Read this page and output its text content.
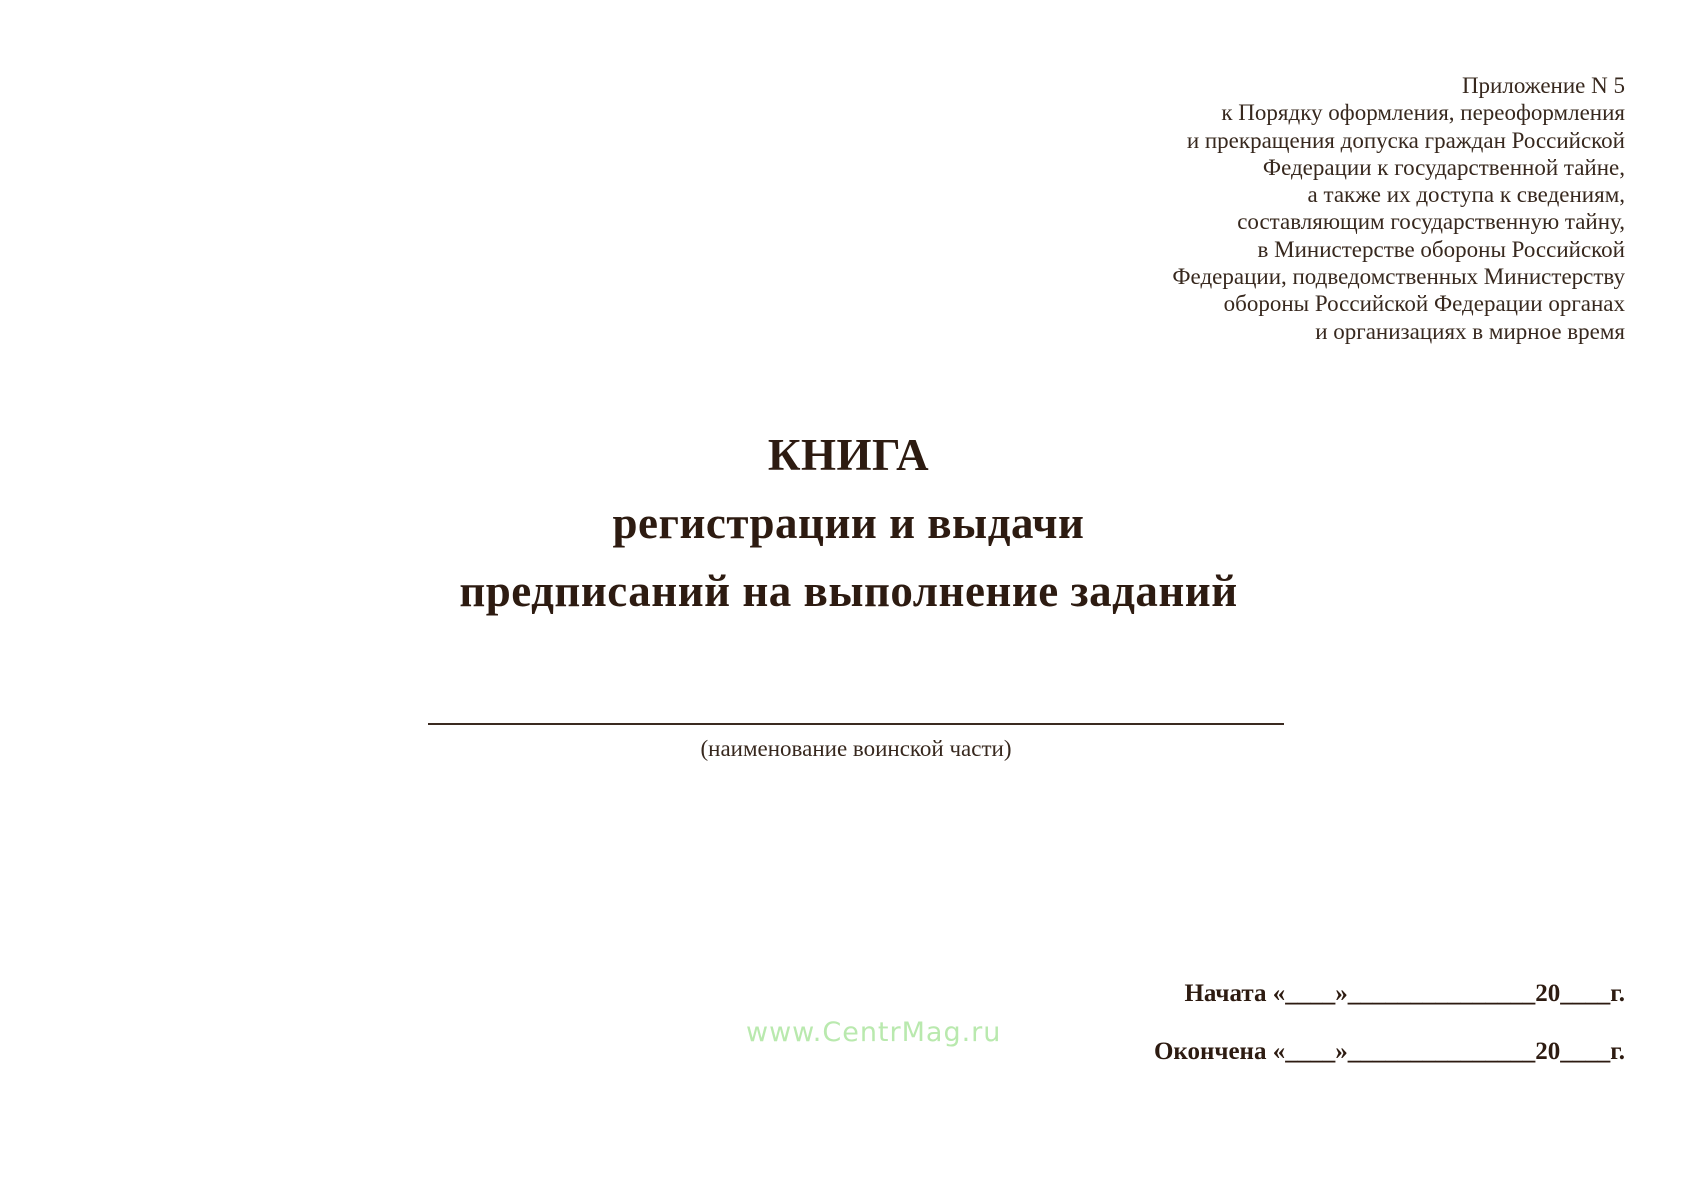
Приложение N 5
к Порядку оформления, переоформления
и прекращения допуска граждан Российской
Федерации к государственной тайне,
а также их доступа к сведениям,
составляющим государственную тайну,
в Министерстве обороны Российской
Федерации, подведомственных Министерству
обороны Российской Федерации органах
и организациях в мирное время
КНИГА
регистрации и выдачи
предписаний на выполнение заданий
(наименование воинской части)
www.CentrMag.ru
Начата «____»_______________20____г.
Окончена «____»_______________20____г.
